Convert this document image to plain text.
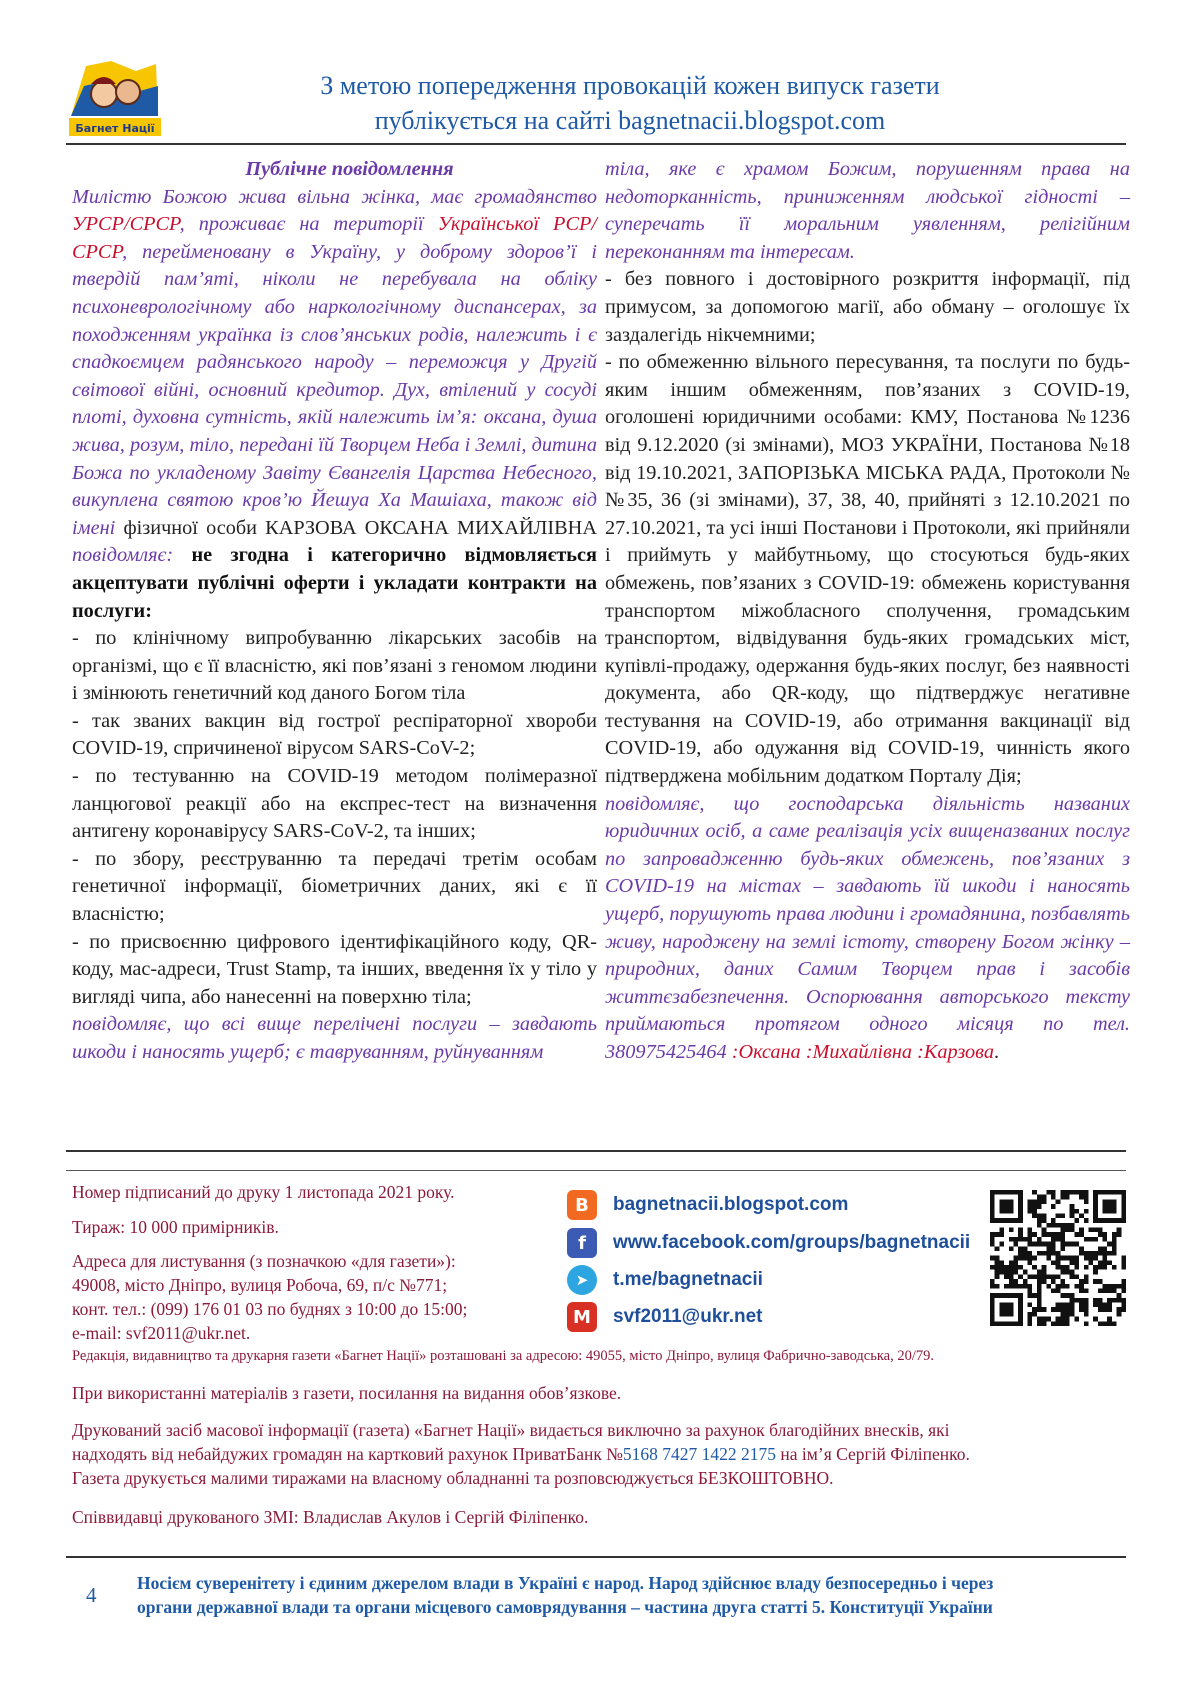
Багнет Нації
З метою попередження провокацій кожен випуск газети
публікується на сайті bagnetnacii.blogspot.com

Публічне повідомлення

Милістю Божою жива вільна жінка, має громадянство УРСР/СРСР, проживає на території Української РСР/СРСР, перейменовану в Україну, у доброму здоров’ї і твердій пам’яті, ніколи не перебувала на обліку психоневрологічному або наркологічному диспансерах, за походженням українка із слов’янських родів, належить і є спадкоємцем радянського народу – переможця у Другій світової війні, основний кредитор. Дух, втілений у сосуді плоті, духовна сутність, якій належить ім’я: оксана, душа жива, розум, тіло, передані їй Творцем Неба і Землі, дитина Божа по укладеному Завіту Євангелія Царства Небесного, викуплена святою кров’ю Йешуа Ха Машіаха, також від імені фізичної особи КАРЗОВА ОКСАНА МИХАЙЛІВНА повідомляє: не згодна і категорично відмовляється акцептувати публічні оферти і укладати контракти на послуги:

- по клінічному випробуванню лікарських засобів на організмі, що є її власністю, які пов’язані з геномом людини і змінюють генетичний код даного Богом тіла

- так званих вакцин від гострої респіраторної хвороби COVID-19, спричиненої вірусом SARS-CoV-2;

- по тестуванню на COVID-19 методом полімеразної ланцюгової реакції або на експрес-тест на визначення антигену коронавірусу SARS-CoV-2, та інших;

- по збору, реєструванню та передачі третім особам генетичної інформації, біометричних даних, які є її власністю;

- по присвоєнню цифрового ідентифікаційного коду, QR-коду, мас-адреси, Trust Stamp, та інших, введення їх у тіло у вигляді чипа, або нанесенні на поверхню тіла;

повідомляє, що всі вище перелічені послуги – завдають шкоди і наносять ущерб; є тавруванням, руйнуванням

тіла, яке є храмом Божим, порушенням права на недоторканність, приниженням людської гідності – суперечать її моральним уявленням, релігійним переконанням та інтересам.

- без повного і достовірного розкриття інформації, під примусом, за допомогою магії, або обману – оголошує їх заздалегідь нікчемними;

- по обмеженню вільного пересування, та послуги по будь-яким іншим обмеженням, пов’язаних з COVID-19, оголошені юридичними особами: КМУ, Постанова №1236 від 9.12.2020 (зі змінами), МОЗ УКРАЇНИ, Постанова №18 від 19.10.2021, ЗАПОРІЗЬКА МІСЬКА РАДА, Протоколи №№35, 36 (зі змінами), 37, 38, 40, прийняті з 12.10.2021 по 27.10.2021, та усі інші Постанови і Протоколи, які прийняли і приймуть у майбутньому, що стосуються будь-яких обмежень, пов’язаних з COVID-19: обмежень користування транспортом міжобласного сполучення, громадським транспортом, відвідування будь-яких громадських міст, купівлі-продажу, одержання будь-яких послуг, без наявності документа, або QR-коду, що підтверджує негативне тестування на COVID-19, або отримання вакцинації від COVID-19, або одужання від COVID-19, чинність якого підтверджена мобільним додатком Порталу Дія;

повідомляє, що господарська діяльність названих юридичних осіб, а саме реалізація усіх вищеназваних послуг по запровадженню будь-яких обмежень, пов’язаних з COVID-19 на містах – завдають їй шкоди і наносять ущерб, порушують права людини і громадянина, позбавлять живу, народжену на землі істоту, створену Богом жінку – природних, даних Самим Творцем прав і засобів життєзабезпечення. Оспорювання авторського тексту приймаються протягом одного місяця по тел. 380975425464 :Оксана :Михайлівна :Карзова.

Номер підписаний до друку 1 листопада 2021 року.
Тираж: 10 000 примірників.
Адреса для листування (з позначкою «для газети»):
49008, місто Дніпро, вулиця Робоча, 69, п/с №771;
конт. тел.: (099) 176 01 03 по буднях з 10:00 до 15:00;
e-mail: svf2011@ukr.net.
B	bagnetnacii.blogspot.com
f	www.facebook.com/groups/bagnetnacii
➤	t.me/bagnetnacii
M	svf2011@ukr.net
Редакція, видавництво та друкарня газети «Багнет Нації» розташовані за адресою: 49055, місто Дніпро, вулиця Фабрично-заводська, 20/79.
При використанні матеріалів з газети, посилання на видання обов’язкове.
Друкований засіб масової інформації (газета) «Багнет Нації» видається виключно за рахунок благодійних внесків, які
надходять від небайдужих громадян на картковий рахунок ПриватБанк №5168 7427 1422 2175 на ім’я Сергій Філіпенко.
Газета друкується малими тиражами на власному обладнанні та розповсюджується БЕЗКОШТОВНО.
Співвидавці друкованого ЗМІ: Владислав Акулов і Сергій Філіпенко.
4 Носієм суверенітету і єдиним джерелом влади в Україні є народ. Народ здійснює владу безпосередньо і через
органи державної влади та органи місцевого самоврядування – частина друга статті 5. Конституції України
